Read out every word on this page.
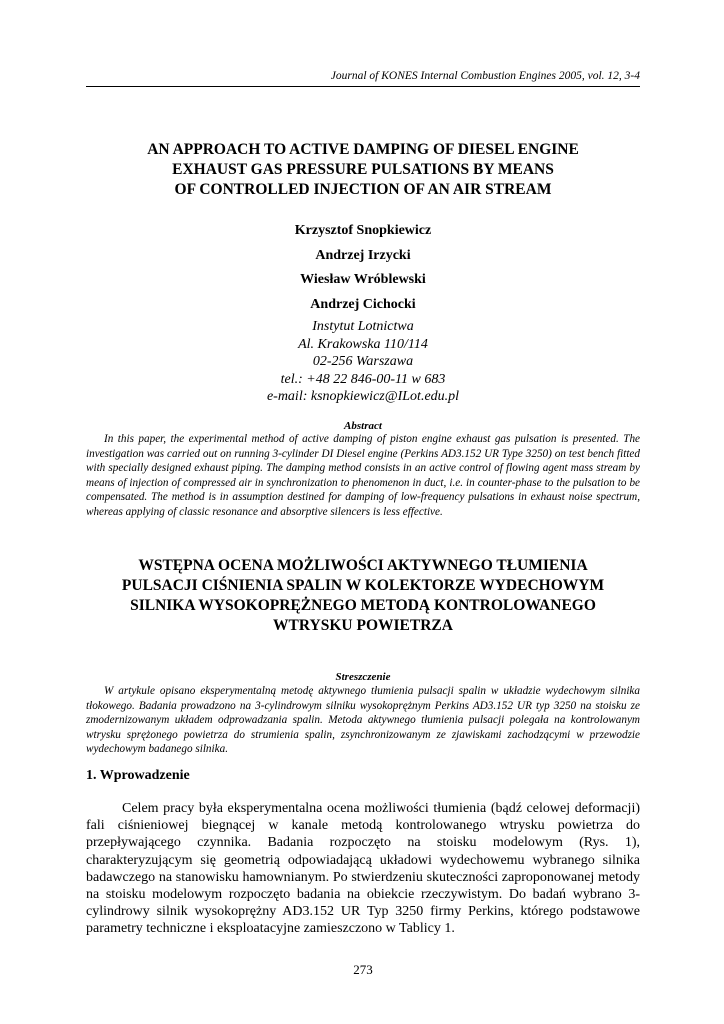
Journal of KONES Internal Combustion Engines 2005, vol. 12, 3-4
AN APPROACH TO ACTIVE DAMPING OF DIESEL ENGINE
EXHAUST GAS PRESSURE PULSATIONS BY MEANS
OF CONTROLLED INJECTION OF AN AIR STREAM
Krzysztof Snopkiewicz
Andrzej Irzycki
Wiesław Wróblewski
Andrzej Cichocki
Instytut Lotnictwa
Al. Krakowska 110/114
02-256 Warszawa
tel.: +48 22 846-00-11 w 683
e-mail: ksnopkiewicz@ILot.edu.pl
Abstract

In this paper, the experimental method of active damping of piston engine exhaust gas pulsation is presented. The investigation was carried out on running 3-cylinder DI Diesel engine (Perkins AD3.152 UR Type 3250) on test bench fitted with specially designed exhaust piping. The damping method consists in an active control of flowing agent mass stream by means of injection of compressed air in synchronization to phenomenon in duct, i.e. in counter-phase to the pulsation to be compensated. The method is in assumption destined for damping of low-frequency pulsations in exhaust noise spectrum, whereas applying of classic resonance and absorptive silencers is less effective.

WSTĘPNA OCENA MOŻLIWOŚCI AKTYWNEGO TŁUMIENIA
PULSACJI CIŚNIENIA SPALIN W KOLEKTORZE WYDECHOWYM
SILNIKA WYSOKOPRĘŻNEGO METODĄ KONTROLOWANEGO
WTRYSKU POWIETRZA
Streszczenie

W artykule opisano eksperymentalną metodę aktywnego tłumienia pulsacji spalin w układzie wydechowym silnika tłokowego. Badania prowadzono na 3-cylindrowym silniku wysokoprężnym Perkins AD3.152 UR typ 3250 na stoisku ze zmodernizowanym układem odprowadzania spalin. Metoda aktywnego tłumienia pulsacji polegała na kontrolowanym wtrysku sprężonego powietrza do strumienia spalin, zsynchronizowanym ze zjawiskami zachodzącymi w przewodzie wydechowym badanego silnika.

1. Wprowadzenie

Celem pracy była eksperymentalna ocena możliwości tłumienia (bądź celowej deformacji) fali ciśnieniowej biegnącej w kanale metodą kontrolowanego wtrysku powietrza do przepływającego czynnika. Badania rozpoczęto na stoisku modelowym (Rys. 1), charakteryzującym się geometrią odpowiadającą układowi wydechowemu wybranego silnika badawczego na stanowisku hamownianym. Po stwierdzeniu skuteczności zaproponowanej metody na stoisku modelowym rozpoczęto badania na obiekcie rzeczywistym. Do badań wybrano 3-cylindrowy silnik wysokoprężny AD3.152 UR Typ 3250 firmy Perkins, którego podstawowe parametry techniczne i eksploatacyjne zamieszczono w Tablicy 1.

273
